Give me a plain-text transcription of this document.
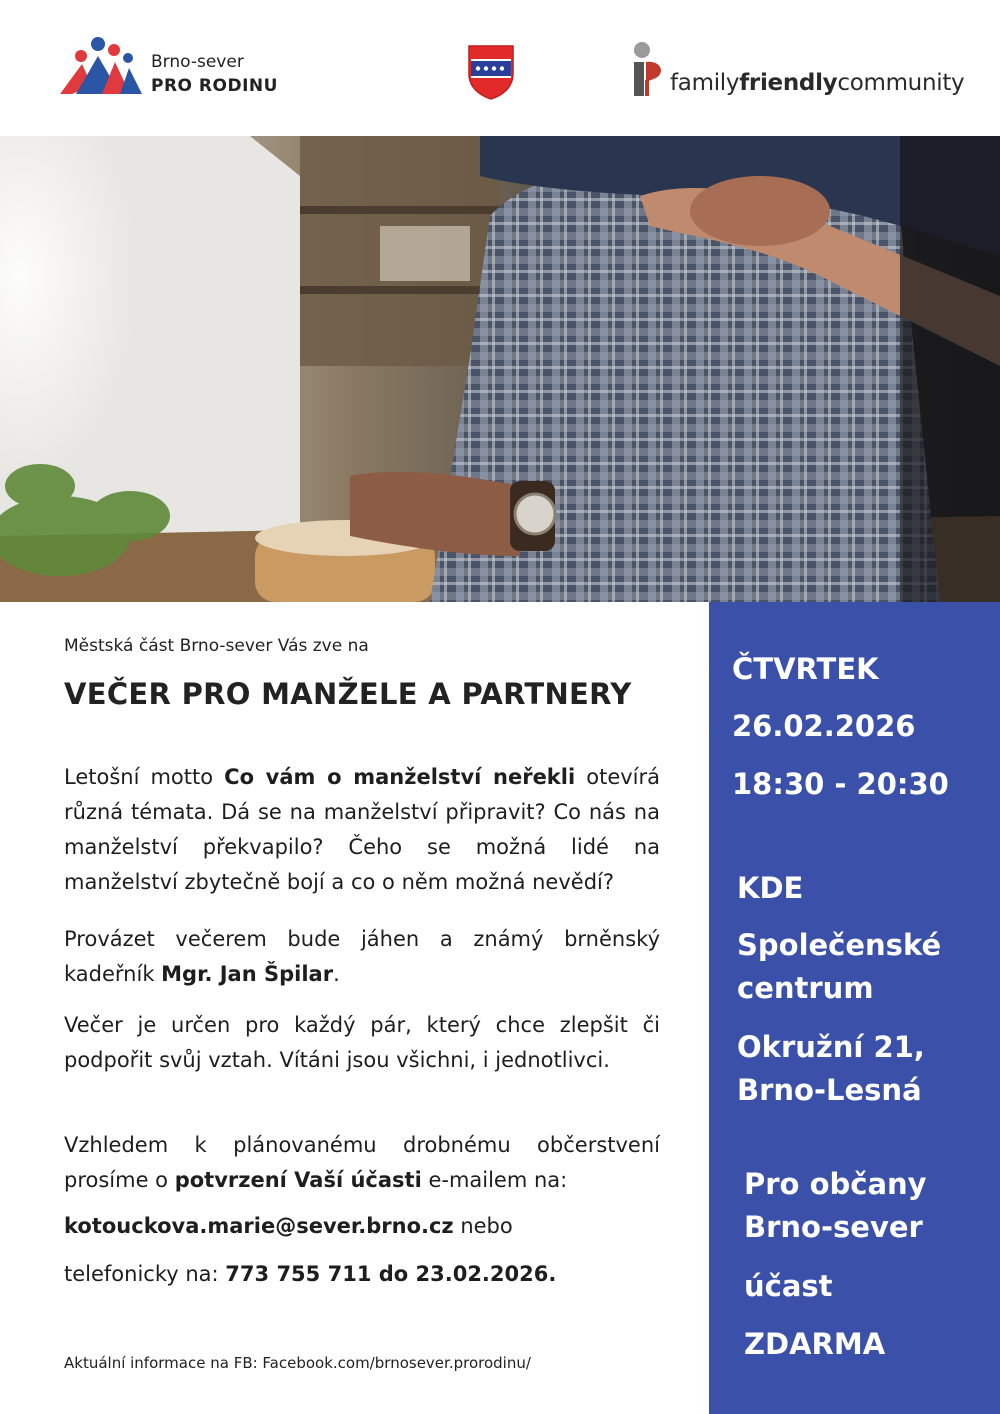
Brno-sever
PRO RODINU	familyfriendlycommunity
Městská část Brno-sever Vás zve na
VEČER PRO MANŽELE A PARTNERY
Letošní motto Co vám o manželství neřekli otevírá různá témata. Dá se na manželství připravit? Co nás na manželství překvapilo? Čeho se možná lidé na manželství zbytečně bojí a co o něm možná nevědí?
Provázet večerem bude jáhen a známý brněnský kadeřník Mgr. Jan Špilar.
Večer je určen pro každý pár, který chce zlepšit či podpořit svůj vztah. Vítáni jsou všichni, i jednotlivci.
Vzhledem k plánovanému drobnému občerstvení prosíme o potvrzení Vaší účasti e-mailem na:
kotouckova.marie@sever.brno.cz nebo
telefonicky na: 773 755 711 do 23.02.2026.
Aktuální informace na FB: Facebook.com/brnosever.prorodinu/
ČTVRTEK
26.02.2026
18:30 - 20:30
KDE
Společenské
centrum
Okružní 21,
Brno-Lesná
Pro občany
Brno-sever
účast
ZDARMA
